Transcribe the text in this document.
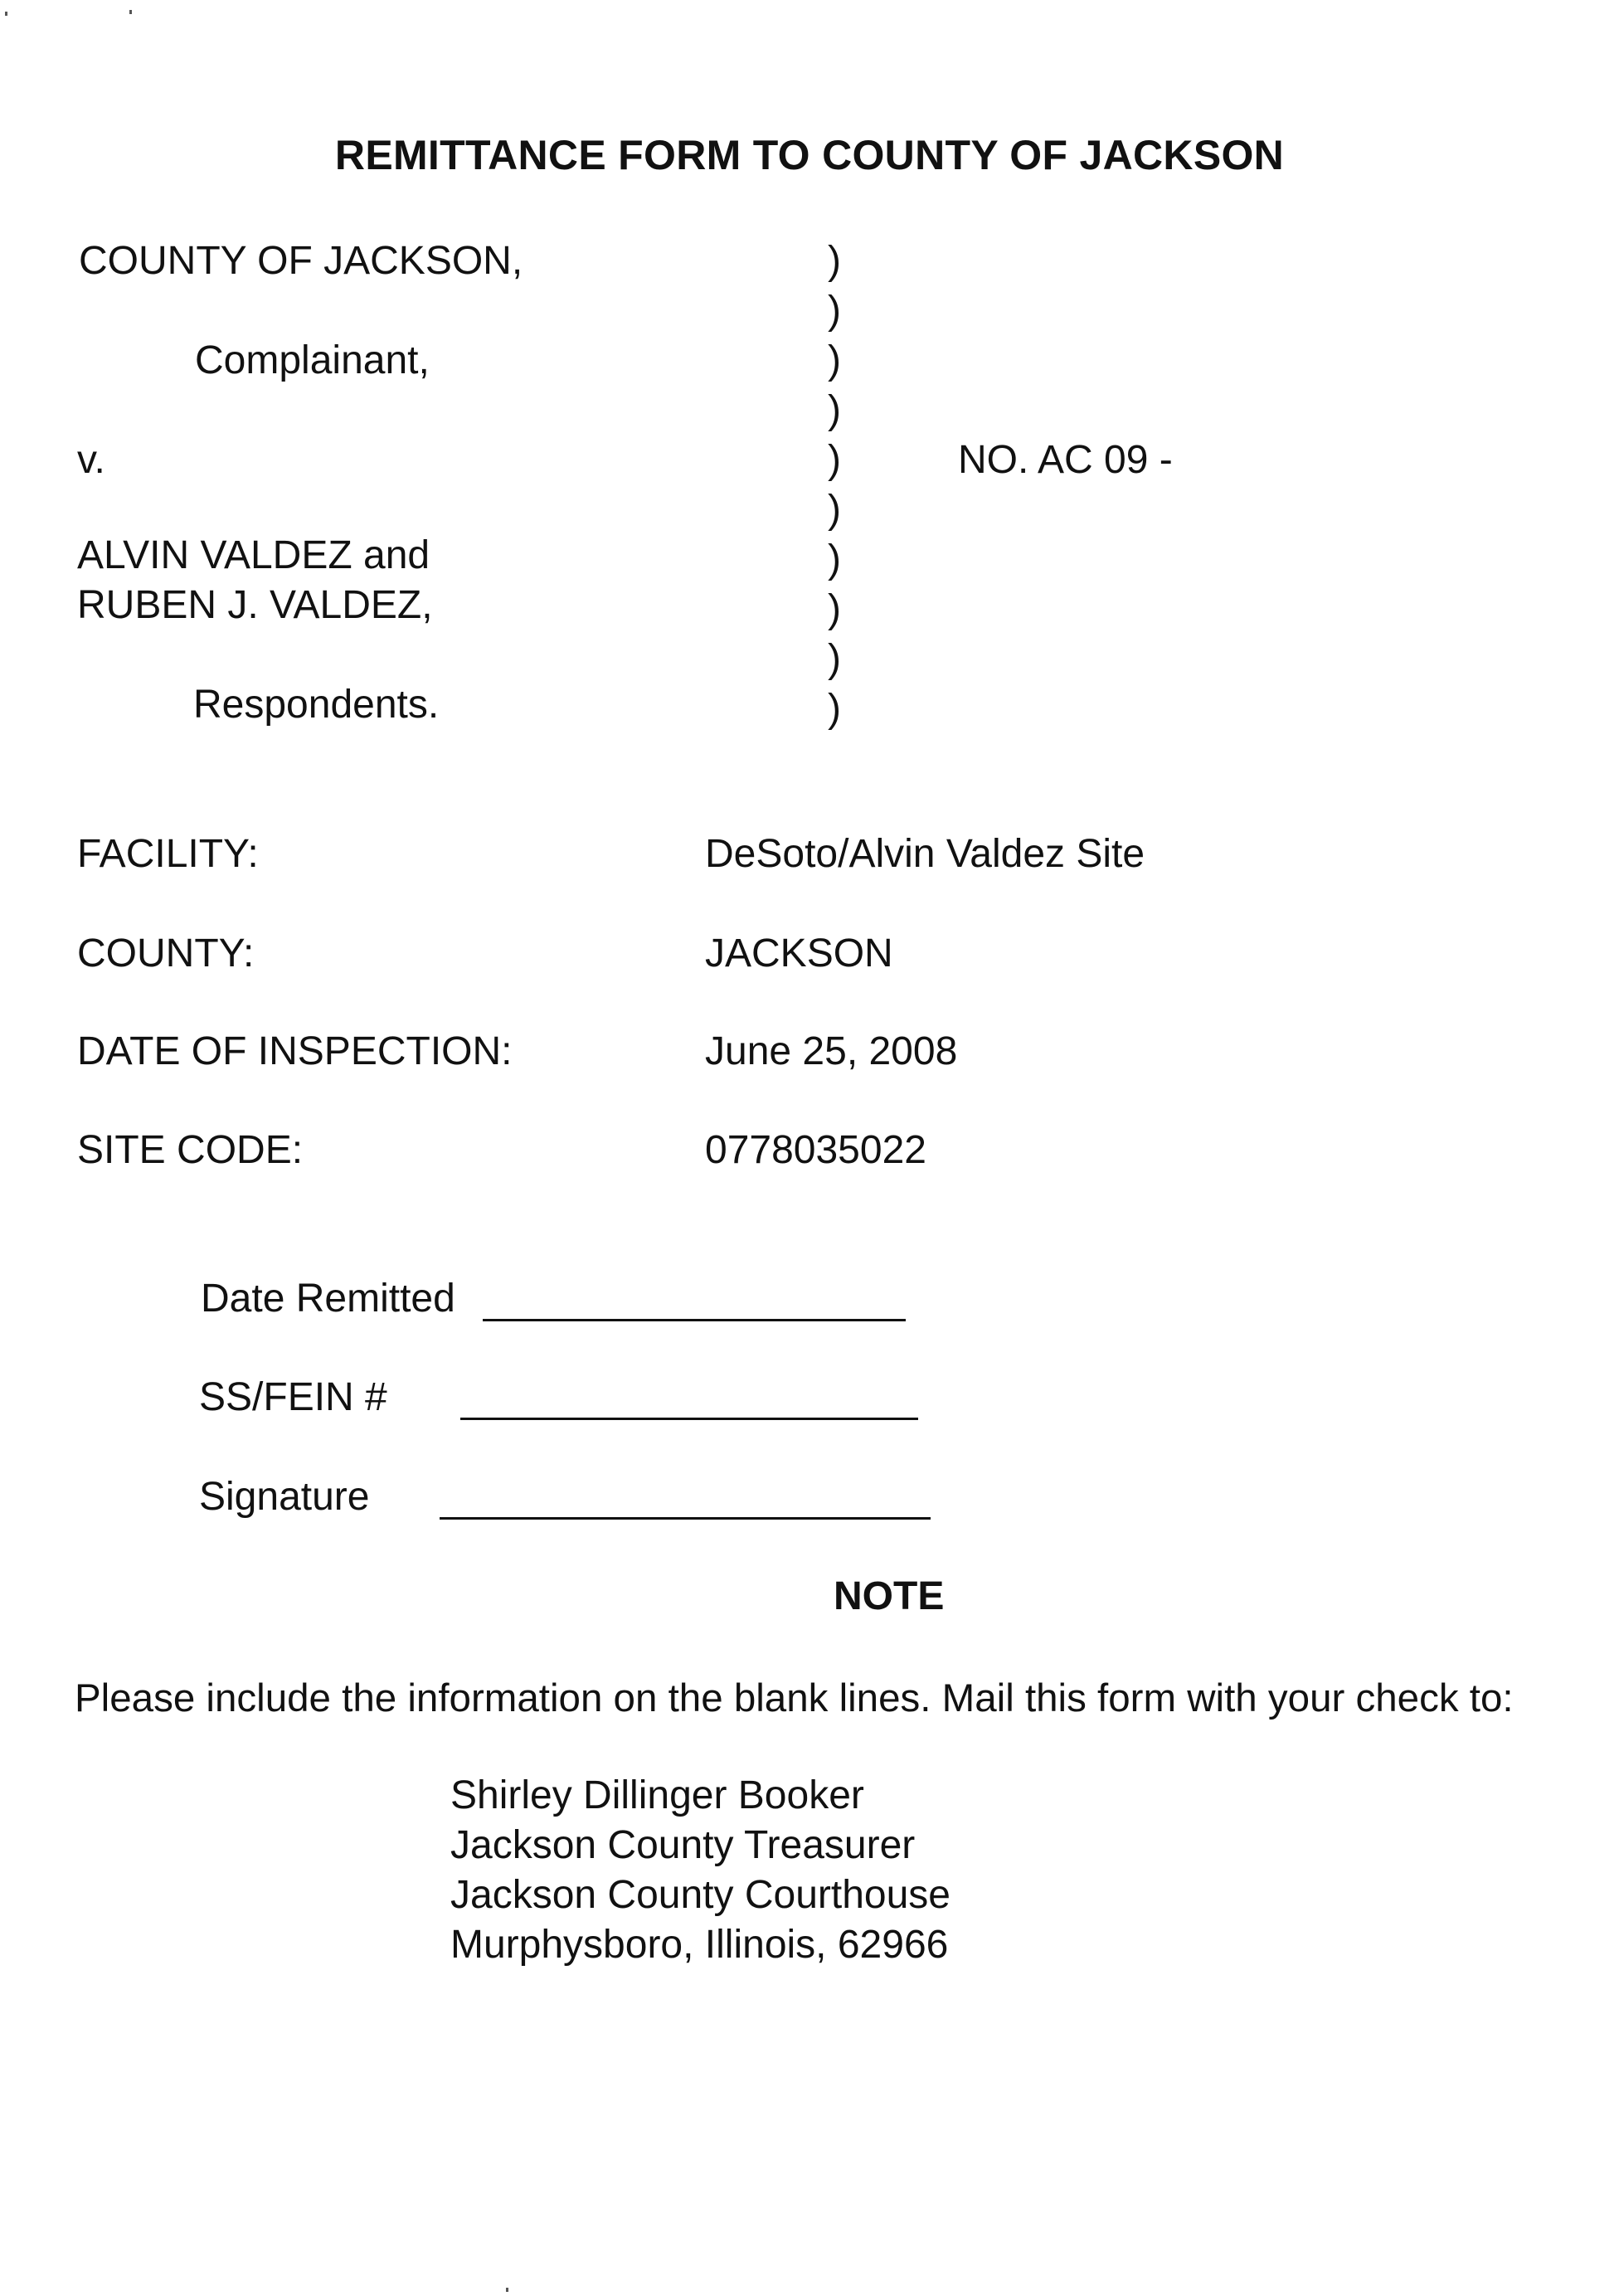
REMITTANCE FORM TO COUNTY OF JACKSON
COUNTY OF JACKSON,
Complainant,
v.
ALVIN VALDEZ and
RUBEN J. VALDEZ,
Respondents.
)
)
)
)
)
)
)
)
)
)
NO. AC 09 -
FACILITY:	DeSoto/Alvin Valdez Site
COUNTY:	JACKSON
DATE OF INSPECTION:	June 25, 2008
SITE CODE:	0778035022
Date Remitted
SS/FEIN #
Signature
NOTE
Please include the information on the blank lines. Mail this form with your check to:
Shirley Dillinger Booker
Jackson County Treasurer
Jackson County Courthouse
Murphysboro, Illinois, 62966
